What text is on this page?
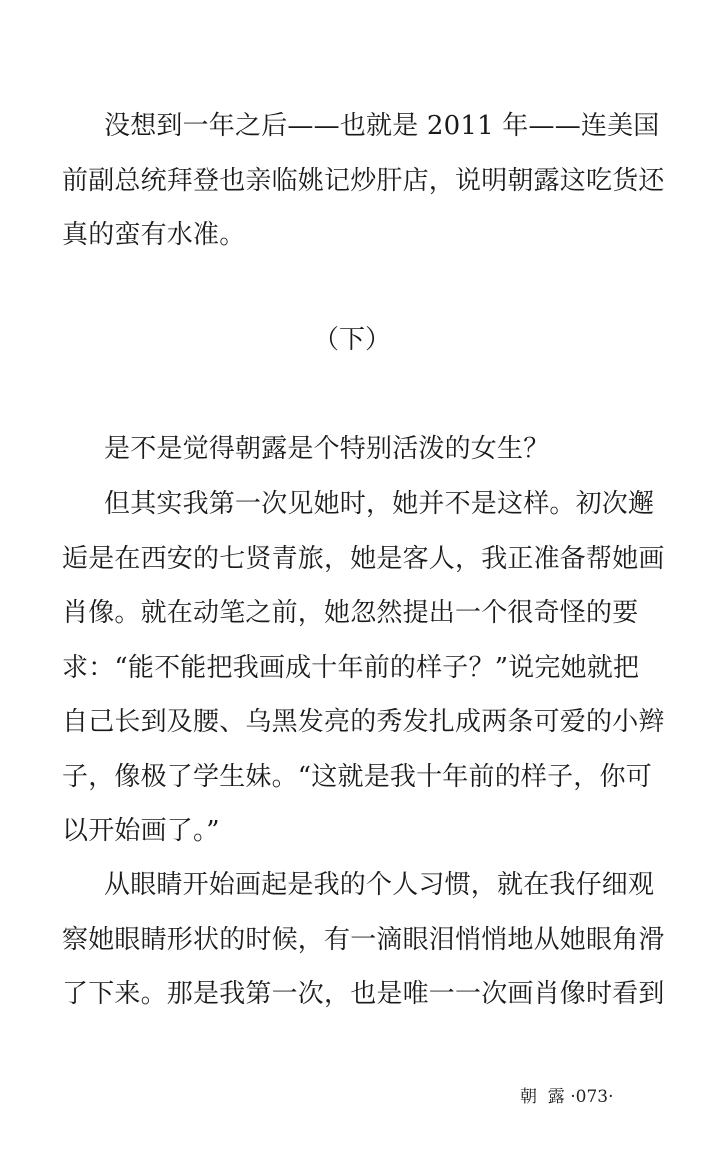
没想到一年之后——也就是 2011 年——连美国
前副总统拜登也亲临姚记炒肝店，说明朝露这吃货还
真的蛮有水准。
（下）
是不是觉得朝露是个特别活泼的女生？
但其实我第一次见她时，她并不是这样。初次邂
逅是在西安的七贤青旅，她是客人，我正准备帮她画
肖像。就在动笔之前，她忽然提出一个很奇怪的要
求：“能不能把我画成十年前的样子？”说完她就把
自己长到及腰、乌黑发亮的秀发扎成两条可爱的小辫
子，像极了学生妹。“这就是我十年前的样子，你可
以开始画了。”
从眼睛开始画起是我的个人习惯，就在我仔细观
察她眼睛形状的时候，有一滴眼泪悄悄地从她眼角滑
了下来。那是我第一次，也是唯一一次画肖像时看到
朝  露 ·073·
